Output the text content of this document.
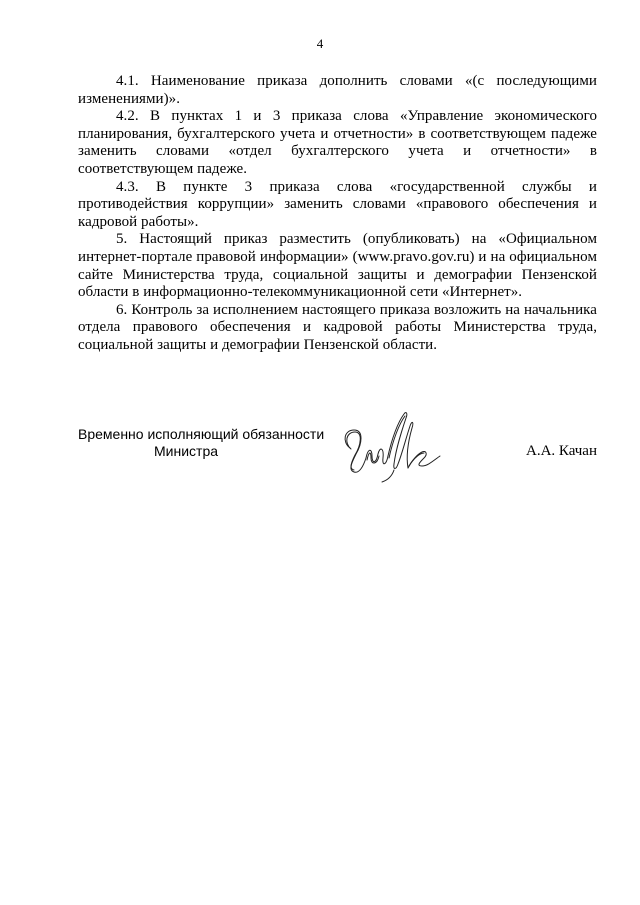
4

4.1. Наименование приказа дополнить словами «(с последующими изменениями)».

4.2. В пунктах 1 и 3 приказа слова «Управление экономического планирования, бухгалтерского учета и отчетности» в соответствующем падеже заменить словами «отдел бухгалтерского учета и отчетности» в соответствующем падеже.

4.3. В пункте 3 приказа слова «государственной службы и противодействия коррупции» заменить словами «правового обеспечения и кадровой работы».

5. Настоящий приказ разместить (опубликовать) на «Официальном интернет-портале правовой информации» (www.pravo.gov.ru) и на официальном сайте Министерства труда, социальной защиты и демографии Пензенской области в информационно-телекоммуникационной сети «Интернет».

6. Контроль за исполнением настоящего приказа возложить на начальника отдела правового обеспечения и кадровой работы Министерства труда, социальной защиты и демографии Пензенской области.

Временно исполняющий обязанности
Министра	А.А. Качан
